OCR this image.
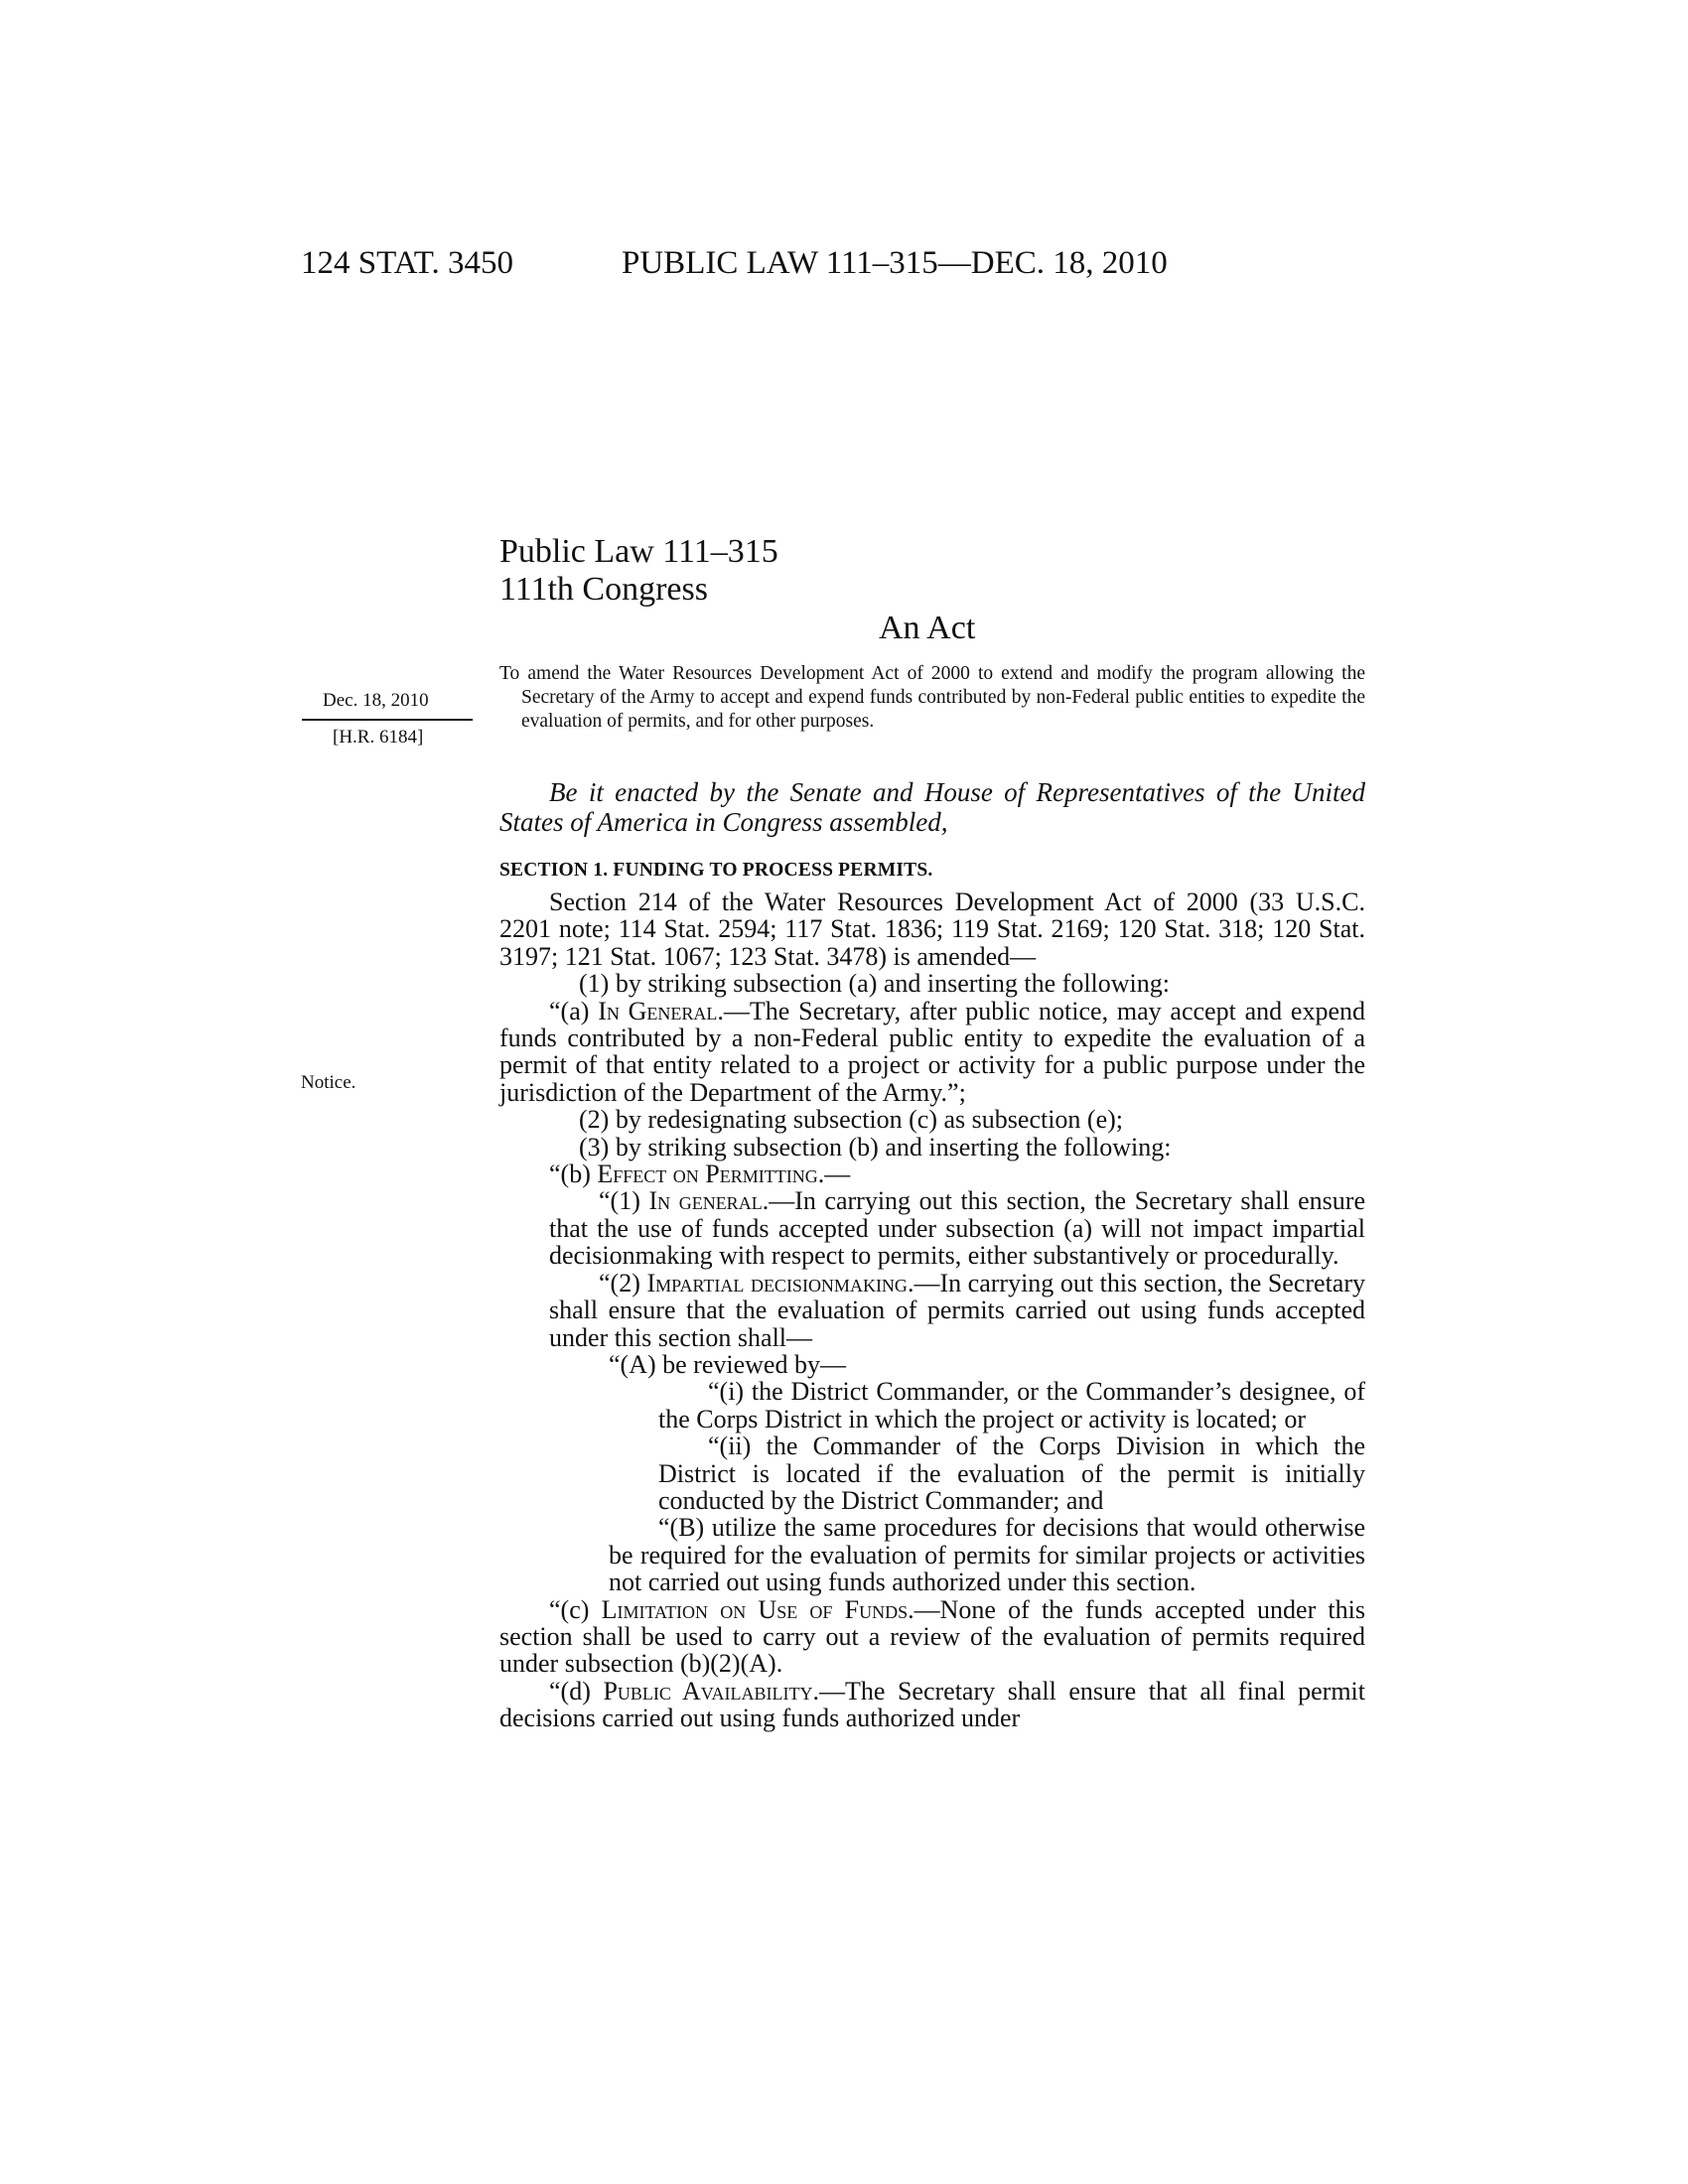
124 STAT. 3450	PUBLIC LAW 111–315—DEC. 18, 2010
Public Law 111–315
111th Congress
An Act
Dec. 18, 2010
[H.R. 6184]
Notice.
To amend the Water Resources Development Act of 2000 to extend and modify the program allowing the Secretary of the Army to accept and expend funds contributed by non-Federal public entities to expedite the evaluation of permits, and for other purposes.
Be it enacted by the Senate and House of Representatives of the United States of America in Congress assembled,
SECTION 1. FUNDING TO PROCESS PERMITS.

Section 214 of the Water Resources Development Act of 2000 (33 U.S.C. 2201 note; 114 Stat. 2594; 117 Stat. 1836; 119 Stat. 2169; 120 Stat. 318; 120 Stat. 3197; 121 Stat. 1067; 123 Stat. 3478) is amended—

(1) by striking subsection (a) and inserting the following:

“(a) In General.—The Secretary, after public notice, may accept and expend funds contributed by a non-Federal public entity to expedite the evaluation of a permit of that entity related to a project or activity for a public purpose under the jurisdiction of the Department of the Army.”;

(2) by redesignating subsection (c) as subsection (e);

(3) by striking subsection (b) and inserting the following:

“(b) Effect on Permitting.—

“(1) In general.—In carrying out this section, the Secretary shall ensure that the use of funds accepted under subsection (a) will not impact impartial decisionmaking with respect to permits, either substantively or procedurally.

“(2) Impartial decisionmaking.—In carrying out this section, the Secretary shall ensure that the evaluation of permits carried out using funds accepted under this section shall—

“(A) be reviewed by—

“(i) the District Commander, or the Commander’s designee, of the Corps District in which the project or activity is located; or

“(ii) the Commander of the Corps Division in which the District is located if the evaluation of the permit is initially conducted by the District Commander; and

“(B) utilize the same procedures for decisions that would otherwise be required for the evaluation of permits for similar projects or activities not carried out using funds authorized under this section.

“(c) Limitation on Use of Funds.—None of the funds accepted under this section shall be used to carry out a review of the evaluation of permits required under subsection (b)(2)(A).

“(d) Public Availability.—The Secretary shall ensure that all final permit decisions carried out using funds authorized under
